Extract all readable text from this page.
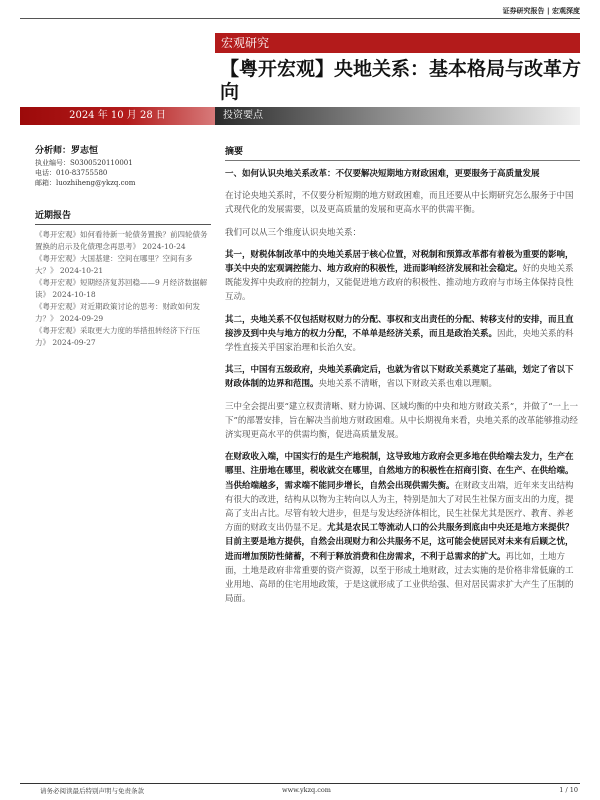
证券研究报告 | 宏观深度
宏观研究
【粤开宏观】央地关系：基本格局与改革方向
2024 年 10 月 28 日	投资要点
分析师：罗志恒
执业编号：S0300520110001
电话：010-83755580
邮箱：luozhiheng@ykzq.com
近期报告
《粤开宏观》如何看待新一轮债务置换？前四轮债务置换的启示及化债理念再思考》 2024-10-24
《粤开宏观》大国基建：空间在哪里？空间有多大？》 2024-10-21
《粤开宏观》短期经济复苏回稳——9 月经济数据解读》 2024-10-18
《粤开宏观》对近期政策讨论的思考：财政如何发力？》 2024-09-29
《粤开宏观》采取更大力度的举措扭转经济下行压力》 2024-09-27
摘要

一、如何认识央地关系改革：不仅要解决短期地方财政困难，更要服务于高质量发展

在讨论央地关系时，不仅要分析短期的地方财政困难，而且还要从中长期研究怎么服务于中国式现代化的发展需要，以及更高质量的发展和更高水平的供需平衡。

我们可以从三个维度认识央地关系：

其一，财税体制改革中的央地关系居于核心位置，对税制和预算改革都有着极为重要的影响，事关中央的宏观调控能力、地方政府的积极性，进而影响经济发展和社会稳定。好的央地关系既能发挥中央政府的控制力，又能促进地方政府的积极性、推动地方政府与市场主体保持良性互动。

其二，央地关系不仅包括财权财力的分配、事权和支出责任的分配、转移支付的安排，而且直接涉及到中央与地方的权力分配，不单单是经济关系，而且是政治关系。因此，央地关系的科学性直接关乎国家治理和长治久安。

其三，中国有五级政府，央地关系确定后，也就为省以下财政关系奠定了基础，划定了省以下财政体制的边界和范围。央地关系不清晰，省以下财政关系也难以理顺。

三中全会提出要“建立权责清晰、财力协调、区域均衡的中央和地方财政关系”，并做了“一上一下”的部署安排，旨在解决当前地方财政困难。从中长期视角来看，央地关系的改革能够推动经济实现更高水平的供需均衡，促进高质量发展。

在财政收入端，中国实行的是生产地税制，这导致地方政府会更多地在供给端去发力，生产在哪里、注册地在哪里，税收就交在哪里，自然地方的积极性在招商引资、在生产、在供给端。当供给端越多，需求端不能同步增长，自然会出现供需失衡。在财政支出端，近年来支出结构有很大的改进，结构从以物为主转向以人为主，特别是加大了对民生社保方面支出的力度，提高了支出占比。尽管有较大进步，但是与发达经济体相比，民生社保尤其是医疗、教育、养老方面的财政支出仍显不足。尤其是农民工等流动人口的公共服务到底由中央还是地方来提供？目前主要是地方提供，自然会出现财力和公共服务不足，这可能会使居民对未来有后顾之忧，进而增加预防性储蓄，不利于释放消费和住房需求，不利于总需求的扩大。再比如，土地方面，土地是政府非常重要的资产资源，以至于形成土地财政，过去实施的是价格非常低廉的工业用地、高昂的住宅用地政策，于是这就形成了工业供给强、但对居民需求扩大产生了压制的局面。

请务必阅读最后特别声明与免责条款	www.ykzq.com	1 / 10
